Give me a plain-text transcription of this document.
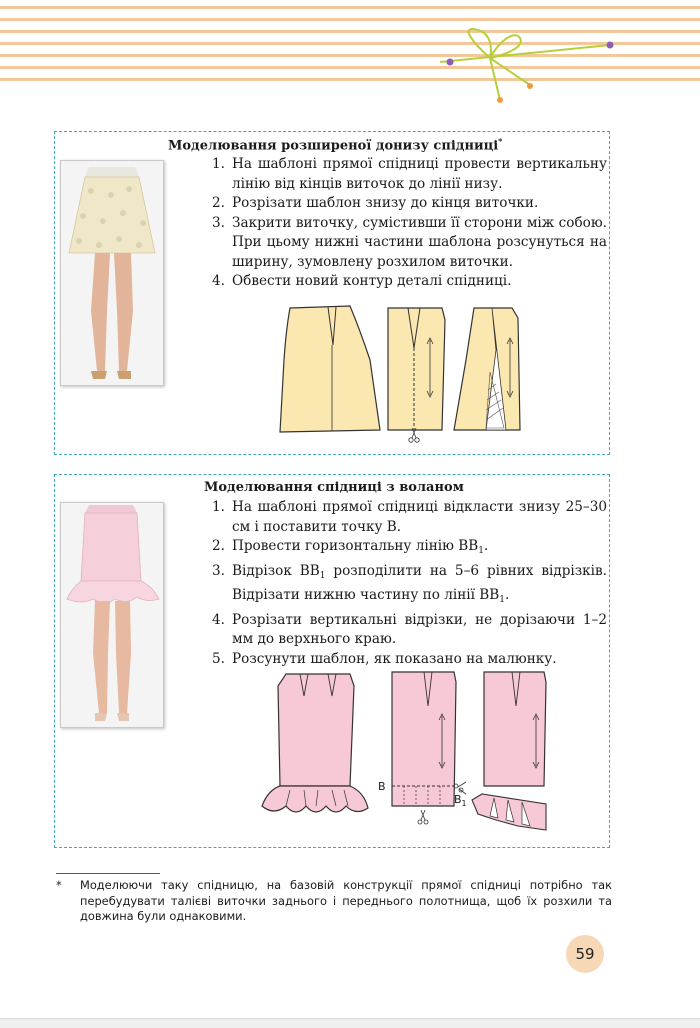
Моделювання розширеної донизу спідниці*
1. На шаблоні прямої спідниці провести вертикальну лінію від кінців виточок до лінії низу.
2. Розрізати шаблон знизу до кінця виточки.
3. Закрити виточку, сумістивши її сторони між собою. При цьому нижні частини шаблона розсунуться на ширину, зумовлену розхилом виточки.
4. Обвести новий контур деталі спідниці.
Моделювання спідниці з воланом
1. На шаблоні прямої спідниці відкласти знизу 25–30 см і поставити точку В.
2. Провести горизонтальну лінію $ВВ_1$.
3. Відрізок $ВВ_1$ розподілити на 5–6 рівних відрізків. Відрізати нижню частину по лінії $ВВ_1$.
4. Розрізати вертикальні відрізки, не дорізаючи 1–2 мм до верхнього краю.
5. Розсунути шаблон, як показано на малюнку.
B
$B_1$
*	Моделюючи таку спідницю, на базовій конструкції прямої спідниці потрібно так перебудувати талієві виточки заднього і переднього полотнища, щоб їх розхили та довжина були однаковими.
59
